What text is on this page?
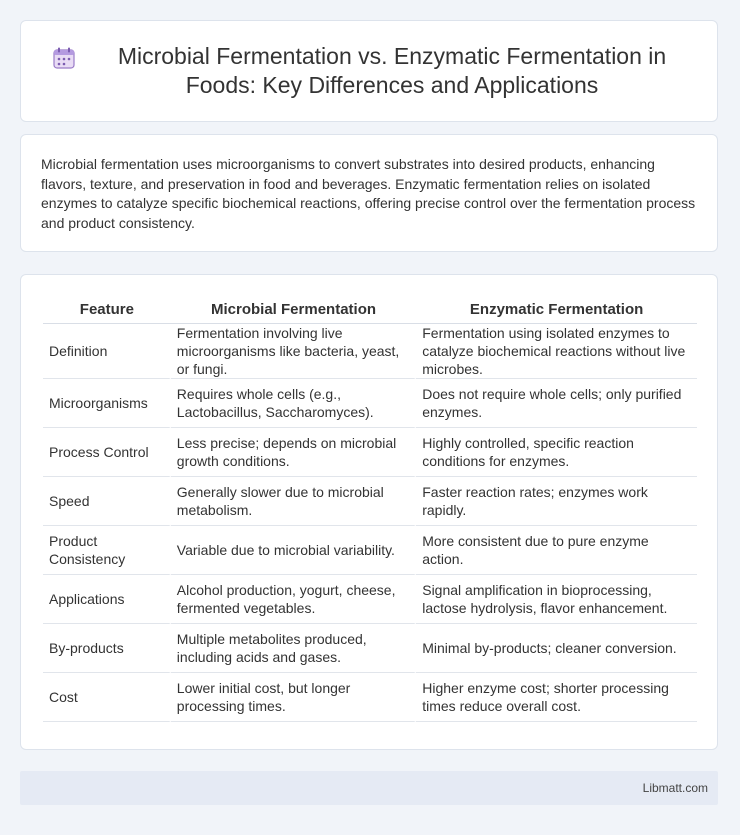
Microbial Fermentation vs. Enzymatic Fermentation in Foods: Key Differences and Applications

Microbial fermentation uses microorganisms to convert substrates into desired products, enhancing flavors, texture, and preservation in food and beverages. Enzymatic fermentation relies on isolated enzymes to catalyze specific biochemical reactions, offering precise control over the fermentation process and product consistency.

Feature	Microbial Fermentation	Enzymatic Fermentation
Definition	Fermentation involving live microorganisms like bacteria, yeast, or fungi.	Fermentation using isolated enzymes to catalyze biochemical reactions without live microbes.
Microorganisms	Requires whole cells (e.g., Lactobacillus, Saccharomyces).	Does not require whole cells; only purified enzymes.
Process Control	Less precise; depends on microbial growth conditions.	Highly controlled, specific reaction conditions for enzymes.
Speed	Generally slower due to microbial metabolism.	Faster reaction rates; enzymes work rapidly.
Product Consistency	Variable due to microbial variability.	More consistent due to pure enzyme action.
Applications	Alcohol production, yogurt, cheese, fermented vegetables.	Signal amplification in bioprocessing, lactose hydrolysis, flavor enhancement.
By-products	Multiple metabolites produced, including acids and gases.	Minimal by-products; cleaner conversion.
Cost	Lower initial cost, but longer processing times.	Higher enzyme cost; shorter processing times reduce overall cost.
Libmatt.com
